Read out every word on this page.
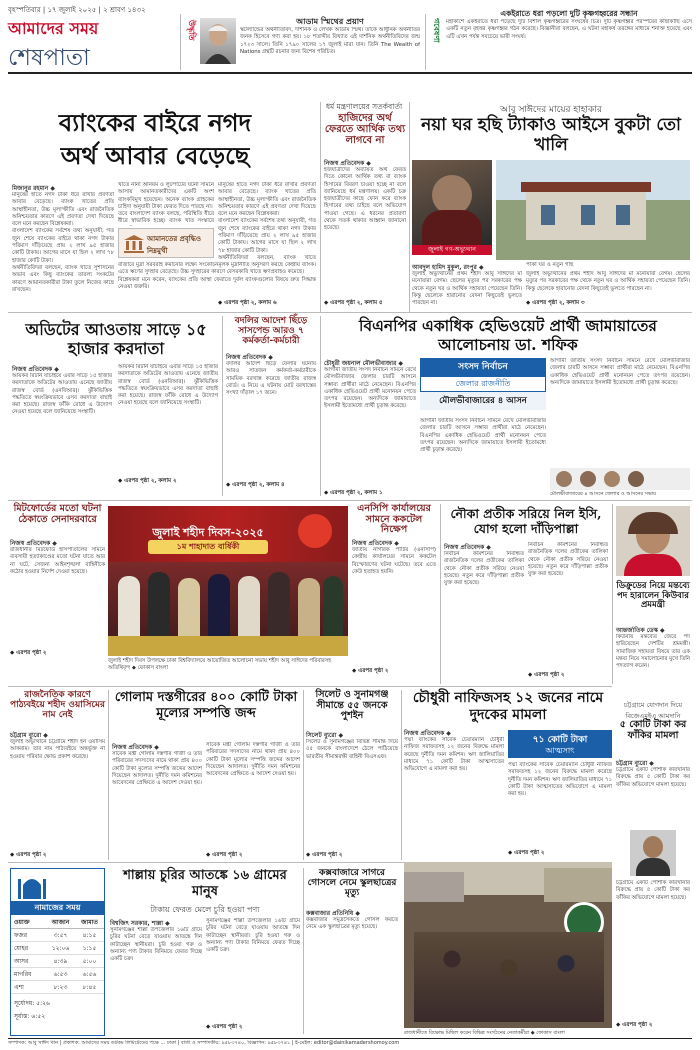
বৃহস্পতিবার | ১৭ জুলাই ২০২৫ | ২ শ্রাবণ ১৪৩২
আমাদের সময়
শেষপাতা
উদ্ধৃতি	আডাম স্মিথের প্রয়াণ
স্কটল্যান্ডের অর্থনীতিবিদ, দার্শনিক ও লেখক আডাম স্মিথ। তাকে আধুনিক অর্থনীতির জনক হিসেবে গণ্য করা হয়। ১৮ শতাব্দীর বিখ্যাত এই দার্শনিক অর্থনীতিবিদের জন্ম ১৭২৩ সালে। তিনি ১৭৯০ সালের ১৭ জুলাই মারা যান। তিনি The Wealth of Nations গ্রন্থটি রচনার জন্য বিশেষ পরিচিত।
গবেষণা
একইরাতে ধরা পড়লো দুটি কৃষ্ণগহ্বরের সন্ধান
মহাকাশে একইরাতে ধরা পড়েছে দুটি বিশাল কৃষ্ণগহ্বরের সংঘর্ষের চিত্র। দুটি কৃষ্ণগহ্বর পরস্পরের কাছাকাছি এসে একটি নতুন বৃহত্তর কৃষ্ণগহ্বর গঠন করেছে। বিজ্ঞানীরা বলছেন, এ ঘটনা মহাকর্ষ তরঙ্গের মাধ্যমে শনাক্ত হয়েছে এবং এটি এখন পর্যন্ত সবচেয়ে ভারী সংঘর্ষ।
ব্যাংকের বাইরে নগদ
অর্থ আবার বেড়েছে
মিজানুর রহমান ◆
মানুষের হাতে নগদ টাকা ধরে রাখার প্রবণতা আবার বেড়েছে। ব্যাংক খাতের প্রতি আস্থাহীনতা, উচ্চ মূল্যস্ফীতি এবং রাজনৈতিক অনিশ্চয়তার কারণে এই প্রবণতা দেখা দিয়েছে বলে মনে করছেন বিশ্লেষকরা।
বাংলাদেশ ব্যাংকের সর্বশেষ তথ্য অনুযায়ী, গত জুন শেষে ব্যাংকের বাইরে থাকা নগদ টাকার পরিমাণ দাঁড়িয়েছে প্রায় ২ লাখ ৯৫ হাজার কোটি টাকায়। আগের মাসে যা ছিল ২ লাখ ৭৮ হাজার কোটি টাকা।
অর্থনীতিবিদরা বলছেন, ব্যাংক খাতে সুশাসনের অভাব এবং কিছু ব্যাংকের তারল্য সংকটের কারণে আমানতকারীরা টাকা তুলে নিজের কাছে রাখছেন।
খাতে নানা অনিয়ম ও লুটপাটের ঘটনা সামনে আসায় আমানতকারীদের একটি অংশ ব্যাংকবিমুখ হয়েছেন। অনেক ব্যাংক গ্রাহকের চাহিদা অনুযায়ী টাকা ফেরত দিতে পারছে না।
তবে বাংলাদেশ ব্যাংক বলছে, পরিস্থিতি ধীরে ধীরে স্বাভাবিক হচ্ছে। ব্যাংক খাত সংস্কারে
আমানতের প্রবৃদ্ধিও নিম্নমুখী
বাজারে মুদ্রা সরবরাহ কমানোর লক্ষ্যে সংকোচনমূলক মুদ্রানীতি অনুসরণ করছে কেন্দ্রীয় ব্যাংক। এতে ঋণের সুদহার বেড়েছে। উচ্চ সুদহারের কারণে বেসরকারি খাতে ঋণপ্রবাহও কমেছে।
বিশ্লেষকরা মনে করেন, ব্যাংকের প্রতি আস্থা ফেরাতে দুর্বল ব্যাংকগুলোর বিষয়ে দ্রুত সিদ্ধান্ত নেওয়া জরুরি।
মানুষের হাতে নগদ টাকা ধরে রাখার প্রবণতা আবার বেড়েছে। ব্যাংক খাতের প্রতি আস্থাহীনতা, উচ্চ মূল্যস্ফীতি এবং রাজনৈতিক অনিশ্চয়তার কারণে এই প্রবণতা দেখা দিয়েছে বলে মনে করছেন বিশ্লেষকরা।
বাংলাদেশ ব্যাংকের সর্বশেষ তথ্য অনুযায়ী, গত জুন শেষে ব্যাংকের বাইরে থাকা নগদ টাকার পরিমাণ দাঁড়িয়েছে প্রায় ২ লাখ ৯৫ হাজার কোটি টাকায়। আগের মাসে যা ছিল ২ লাখ ৭৮ হাজার কোটি টাকা।
অর্থনীতিবিদরা বলছেন, ব্যাংক খাতে
◆ এরপর পৃষ্ঠা ২, কলাম ৬
ধর্ম মন্ত্রণালয়ের সতর্কবার্তা
হাজিদের অর্থ ফেরতে আর্থিক তথ্য লাগবে না
নিজস্ব প্রতিবেদক ◆
হজযাত্রীদের অব্যয়িত অর্থ ফেরত দিতে কোনো আর্থিক তথ্য বা ব্যাংক হিসাবের বিবরণ চাওয়া হচ্ছে না বলে জানিয়েছে ধর্ম মন্ত্রণালয়। একটি চক্র হজযাত্রীদের কাছে ফোন করে ব্যাংক হিসাবের তথ্য চাইছে বলে অভিযোগ পাওয়া গেছে। এ ধরনের প্রতারণা থেকে সতর্ক থাকার আহ্বান জানানো হয়েছে।
◆ এরপর পৃষ্ঠা ২, কলাম ৫
আবু সাঈদের মায়ের হাহাকার
নয়া ঘর হছি ট্যাকাও আইসে বুকটা তো খালি
জুলাই গণ-অভ্যুত্থান
আবদুল হামিদ মুকুল, রংপুর ◆
জুলাই অভ্যুত্থানের প্রথম শহীদ আবু সাঈদের মা মনোয়ারা বেগম। ছেলের মৃত্যুর পর সরকারের পক্ষ থেকে নতুন ঘর ও আর্থিক সহায়তা পেয়েছেন তিনি। কিন্তু ছেলেকে হারানোর বেদনা কিছুতেই ভুলতে পারছেন না।
পাকা ঘর ও নতুন গাছ
জুলাই অভ্যুত্থানের প্রথম শহীদ আবু সাঈদের মা মনোয়ারা বেগম। ছেলের মৃত্যুর পর সরকারের পক্ষ থেকে নতুন ঘর ও আর্থিক সহায়তা পেয়েছেন তিনি। কিন্তু ছেলেকে হারানোর বেদনা কিছুতেই ভুলতে পারছেন না।
◆ এরপর পৃষ্ঠা ২, কলাম ৩
অডিটের আওতায় সাড়ে ১৫ হাজার করদাতা
নিজস্ব প্রতিবেদক ◆
আয়কর রিটার্ন যাচাইয়ে এবার সাড়ে ১৫ হাজার করদাতাকে অডিটের আওতায় এনেছে জাতীয় রাজস্ব বোর্ড (এনবিআর)। ঝুঁকিভিত্তিক পদ্ধতিতে স্বয়ংক্রিয়ভাবে এসব করদাতা বাছাই করা হয়েছে। রাজস্ব ফাঁকি রোধে এ উদ্যোগ নেওয়া হয়েছে বলে জানিয়েছে সংস্থাটি।
আয়কর রিটার্ন যাচাইয়ে এবার সাড়ে ১৫ হাজার করদাতাকে অডিটের আওতায় এনেছে জাতীয় রাজস্ব বোর্ড (এনবিআর)। ঝুঁকিভিত্তিক পদ্ধতিতে স্বয়ংক্রিয়ভাবে এসব করদাতা বাছাই করা হয়েছে। রাজস্ব ফাঁকি রোধে এ উদ্যোগ নেওয়া হয়েছে বলে জানিয়েছে সংস্থাটি।
◆ এরপর পৃষ্ঠা ২, কলাম ২
বদলির আদেশ ছিঁড়ে সাসপেন্ড আরও ৭ কর্মকর্তা-কর্মচারী
নিজস্ব প্রতিবেদক ◆
বদলির আদেশ ছিঁড়ে ফেলার ঘটনায় আরও সাতজন কর্মকর্তা-কর্মচারীকে সাময়িক বরখাস্ত করেছে জাতীয় রাজস্ব বোর্ড। এ নিয়ে এ ঘটনায় মোট বরখাস্তের সংখ্যা দাঁড়াল ১৭ জনে।
◆ এরপর পৃষ্ঠা ২, কলাম ৪
বিএনপির একাধিক হেভিওয়েট প্রার্থী জামায়াতের আলোচনায় ডা. শফিক
চৌধুরী জয়নাল মৌলভীবাজার ◆
আগামী জাতীয় সংসদ নির্বাচন সামনে রেখে মৌলভীবাজার জেলার চারটি আসনে সম্ভাব্য প্রার্থীরা মাঠে নেমেছেন। বিএনপির একাধিক হেভিওয়েট প্রার্থী মনোনয়ন পেতে তৎপর রয়েছেন। অন্যদিকে জামায়াতে ইসলামী ইতোমধ্যে প্রার্থী চূড়ান্ত করেছে।
সংসদ নির্বাচন
জেলার রাজনীতি
মৌলভীবাজারের ৪ আসন
আগামী জাতীয় সংসদ নির্বাচন সামনে রেখে মৌলভীবাজার জেলার চারটি আসনে সম্ভাব্য প্রার্থীরা মাঠে নেমেছেন। বিএনপির একাধিক হেভিওয়েট প্রার্থী মনোনয়ন পেতে তৎপর রয়েছেন। অন্যদিকে জামায়াতে ইসলামী ইতোমধ্যে প্রার্থী চূড়ান্ত করেছে।
আগামী জাতীয় সংসদ নির্বাচন সামনে রেখে মৌলভীবাজার জেলার চারটি আসনে সম্ভাব্য প্রার্থীরা মাঠে নেমেছেন। বিএনপির একাধিক হেভিওয়েট প্রার্থী মনোনয়ন পেতে তৎপর রয়েছেন। অন্যদিকে জামায়াতে ইসলামী ইতোমধ্যে প্রার্থী চূড়ান্ত করেছে।
মৌলভীবাজারের ৪ আসনে জেলার ও আসনের সভায়
◆ এরপর পৃষ্ঠা ২, কলাম ১
মিটফোর্ডের মতো ঘটনা ঠেকাতে সেনাদরবারে
নিজস্ব প্রতিবেদক ◆
রাজধানীর মিটফোর্ড হাসপাতালের সামনে ব্যবসায়ী হত্যাকাণ্ডের মতো ঘটনা যাতে আর না ঘটে, সেজন্য আইনশৃঙ্খলা বাহিনীকে কঠোর হওয়ার নির্দেশ দেওয়া হয়েছে।
◆ এরপর পৃষ্ঠা ২
জুলাই শহীদ দিবস-২০২৫
১ম শাহাদাত বার্ষিকী
জুলাই শহীদ দিবস উপলক্ষে ঢাকা বিশ্ববিদ্যালয়ে আয়োজিত আলোচনা সভায় শহীদ আবু সাঈদের পরিবারসহ অতিথিবৃন্দ ◆ ফোকাস বাংলা
এনসিপি কার্যালয়ের সামনে ককটেল নিক্ষেপ
নিজস্ব প্রতিবেদক ◆
জাতীয় নাগরিক পার্টির (এনসিপি) কেন্দ্রীয় কার্যালয়ের সামনে ককটেল বিস্ফোরণের ঘটনা ঘটেছে। তবে এতে কেউ হতাহত হয়নি।
◆ এরপর পৃষ্ঠা ২
নৌকা প্রতীক সরিয়ে নিল ইসি, যোগ হলো দাঁড়িপাল্লা
নিজস্ব প্রতিবেদক ◆
নির্বাচন কমিশনের নিবন্ধিত রাজনৈতিক দলের প্রতীকের তালিকা থেকে নৌকা প্রতীক সরিয়ে নেওয়া হয়েছে। নতুন করে দাঁড়িপাল্লা প্রতীক যুক্ত করা হয়েছে।
নির্বাচন কমিশনের নিবন্ধিত রাজনৈতিক দলের প্রতীকের তালিকা থেকে নৌকা প্রতীক সরিয়ে নেওয়া হয়েছে। নতুন করে দাঁড়িপাল্লা প্রতীক যুক্ত করা হয়েছে।
◆ এরপর পৃষ্ঠা ২
ডিক্রুডের নিয়ে মন্তব্যে পদ হারালেন কিউবার প্রমমন্ত্রী
আন্তর্জাতিক ডেস্ক ◆
কিউবায় মন্তব্যের জেরে পদ হারিয়েছেন দেশটির শ্রমমন্ত্রী। সামাজিক সহায়তা বিষয়ে তার এক মন্তব্য নিয়ে সমালোচনার মুখে তিনি পদত্যাগ করেন।
রাজনৈতিক কারণে পাঠ্যবইয়ে শহীদ ওয়াসিমের নাম নেই
চট্টগ্রাম ব্যুরো ◆
জুলাই অভ্যুত্থানে চট্টগ্রামে শহীদ হন ওয়াসিম আকরাম। তার নাম পাঠ্যবইয়ে অন্তর্ভুক্ত না হওয়ায় পরিবার ক্ষোভ প্রকাশ করেছে।
◆ এরপর পৃষ্ঠা ২
গোলাম দস্তগীরের ৪০০ কোটি টাকা মূল্যের সম্পত্তি জব্দ
নিজস্ব প্রতিবেদক ◆
সাবেক মন্ত্রী গোলাম দস্তগীর গাজী ও তার পরিবারের সদস্যদের নামে থাকা প্রায় ৪০০ কোটি টাকা মূল্যের সম্পত্তি জব্দের আদেশ দিয়েছেন আদালত। দুর্নীতি দমন কমিশনের আবেদনের প্রেক্ষিতে এ আদেশ দেওয়া হয়।
সাবেক মন্ত্রী গোলাম দস্তগীর গাজী ও তার পরিবারের সদস্যদের নামে থাকা প্রায় ৪০০ কোটি টাকা মূল্যের সম্পত্তি জব্দের আদেশ দিয়েছেন আদালত। দুর্নীতি দমন কমিশনের আবেদনের প্রেক্ষিতে এ আদেশ দেওয়া হয়।
◆ এরপর পৃষ্ঠা ২
সিলেট ও সুনামগঞ্জ সীমান্তে ৫৫ জনকে পুশইন
সিলেট ব্যুরো ◆
সিলেট ও সুনামগঞ্জের বিভিন্ন সীমান্ত দিয়ে ৫৫ জনকে বাংলাদেশে ঠেলে পাঠিয়েছে ভারতীয় সীমান্তরক্ষী বাহিনী বিএসএফ।
◆ এরপর পৃষ্ঠা ২
চৌধুরী নাফিজসহ ১২ জনের নামে দুদকের মামলা
নিজস্ব প্রতিবেদক ◆
পদ্মা ব্যাংকের সাবেক চেয়ারম্যান চৌধুরী নাফিজ সরাফতসহ ১২ জনের বিরুদ্ধে মামলা করেছে দুর্নীতি দমন কমিশন। ঋণ জালিয়াতির মাধ্যমে ৭১ কোটি টাকা আত্মসাতের অভিযোগে এ মামলা করা হয়।
৭১ কোটি টাকা
আত্মসাৎ
পদ্মা ব্যাংকের সাবেক চেয়ারম্যান চৌধুরী নাফিজ সরাফতসহ ১২ জনের বিরুদ্ধে মামলা করেছে দুর্নীতি দমন কমিশন। ঋণ জালিয়াতির মাধ্যমে ৭১ কোটি টাকা আত্মসাতের অভিযোগে এ মামলা করা হয়।
◆ এরপর পৃষ্ঠা ২
চট্টগ্রামে যোগদান দিয়ে বিজেএমইএ আমদানি
৫ কোটি টাকা কর ফাঁকির মামলা
চট্টগ্রাম ব্যুরো ◆
চট্টগ্রামে একটি পোশাক কারখানার বিরুদ্ধে প্রায় ৫ কোটি টাকা কর ফাঁকির অভিযোগে মামলা হয়েছে।
চট্টগ্রামে একটি পোশাক কারখানার বিরুদ্ধে প্রায় ৫ কোটি টাকা কর ফাঁকির অভিযোগে মামলা হয়েছে।
◆ এরপর পৃষ্ঠা ২
নামাজের সময়
ওয়াক্ত	আজান	জামাত
ফজর	৩:৫৭	৪:১৫
যোহর	১২:০৬	১:১৫
আসর	৪:৩৯	৫:০০
মাগরিব	৬:৫৩	৬:৫৬
এশা	৮:২৩	৮:৪৫
সূর্যোদয়: ৫:২৬
সূর্যাস্ত: ৬:৫২
শাল্লায় চুরির আতঙ্কে ১৬ গ্রামের মানুষ
টাকায় ফেরত মেলে চুরি হওয়া পণ্য
বিশ্বজিৎ সরকার, শাল্লা ◆
সুনামগঞ্জের শাল্লা উপজেলার ১৬টি গ্রামে চুরির ঘটনা বেড়ে যাওয়ায় আতঙ্কে দিন কাটাচ্ছেন স্থানীয়রা। চুরি হওয়া গরু ও অন্যান্য পণ্য টাকার বিনিময়ে ফেরত দিচ্ছে একটি চক্র।
সুনামগঞ্জের শাল্লা উপজেলার ১৬টি গ্রামে চুরির ঘটনা বেড়ে যাওয়ায় আতঙ্কে দিন কাটাচ্ছেন স্থানীয়রা। চুরি হওয়া গরু ও অন্যান্য পণ্য টাকার বিনিময়ে ফেরত দিচ্ছে একটি চক্র।
◆ এরপর পৃষ্ঠা ২
কক্সবাজারে সাগরে গোসলে নেমে স্কুলছাত্রের মৃত্যু
কক্সবাজার প্রতিনিধি ◆
কক্সবাজার সমুদ্রসৈকতে গোসল করতে নেমে এক স্কুলছাত্রের মৃত্যু হয়েছে।
রাজধানীতে বিক্ষোভ মিছিল করেন বিভিন্ন সংগঠনের নেতাকর্মীরা ◆ ফোকাস বাংলা
সম্পাদক: আবু সাঈদ খান | প্রকাশক: আমাদের সময় ডটকম লিমিটেডের পক্ষে ... ঢাকা | বার্তা ও সম্পাদকীয়: ৯৫৮৩৭৪০, বিজ্ঞাপন: ৯৫৮৩৭৪১ | ই-মেইল: editor@dainikamadershomoy.com
